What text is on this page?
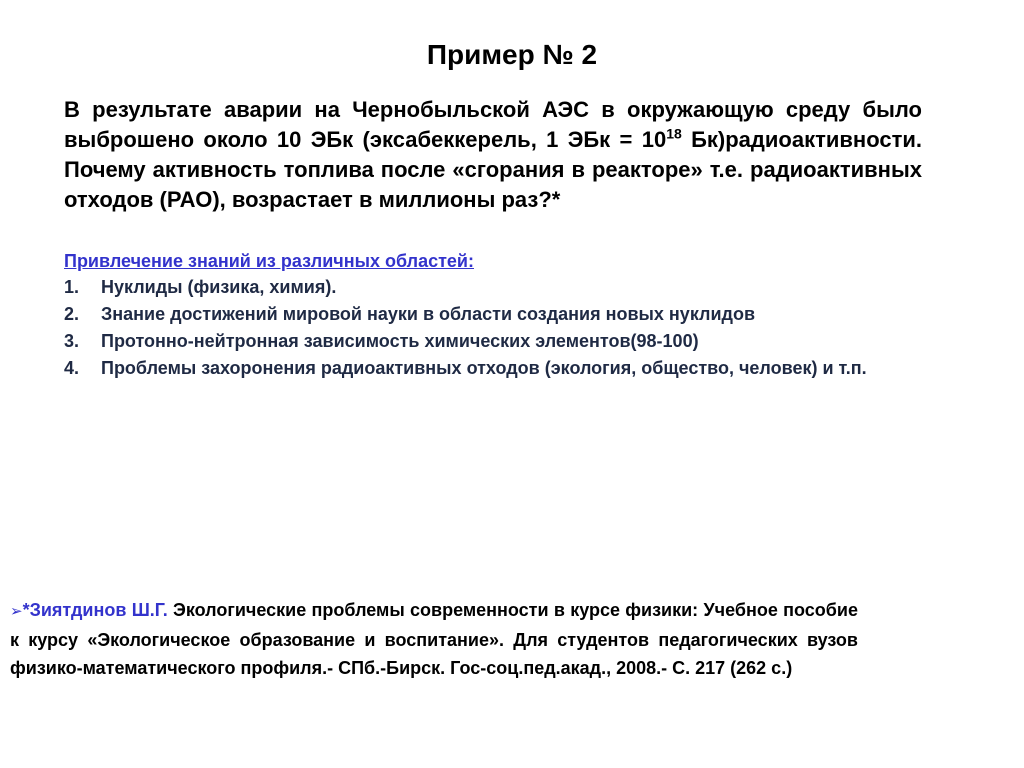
Пример № 2

В результате аварии на Чернобыльской АЭС в окружающую среду было выброшено около 10 ЭБк (эксабеккерель, 1 ЭБк = $10^{18}$ Бк)радиоактивности. Почему активность топлива после «сгорания в реакторе» т.е. радиоактивных отходов (РАО), возрастает в миллионы раз?*

Привлечение знаний из различных областей:

1. Нуклиды (физика, химия).
2. Знание достижений мировой науки в области создания новых нуклидов
3. Протонно-нейтронная зависимость химических элементов(98-100)
4. Проблемы захоронения радиоактивных отходов (экология, общество, человек) и т.п.

➢*Зиятдинов Ш.Г. Экологические проблемы современности в курсе физики: Учебное пособие к курсу «Экологическое образование и воспитание». Для студентов педагогических вузов физико-математического профиля.- СПб.-Бирск. Гос-соц.пед.акад., 2008.- С. 217 (262 с.)
